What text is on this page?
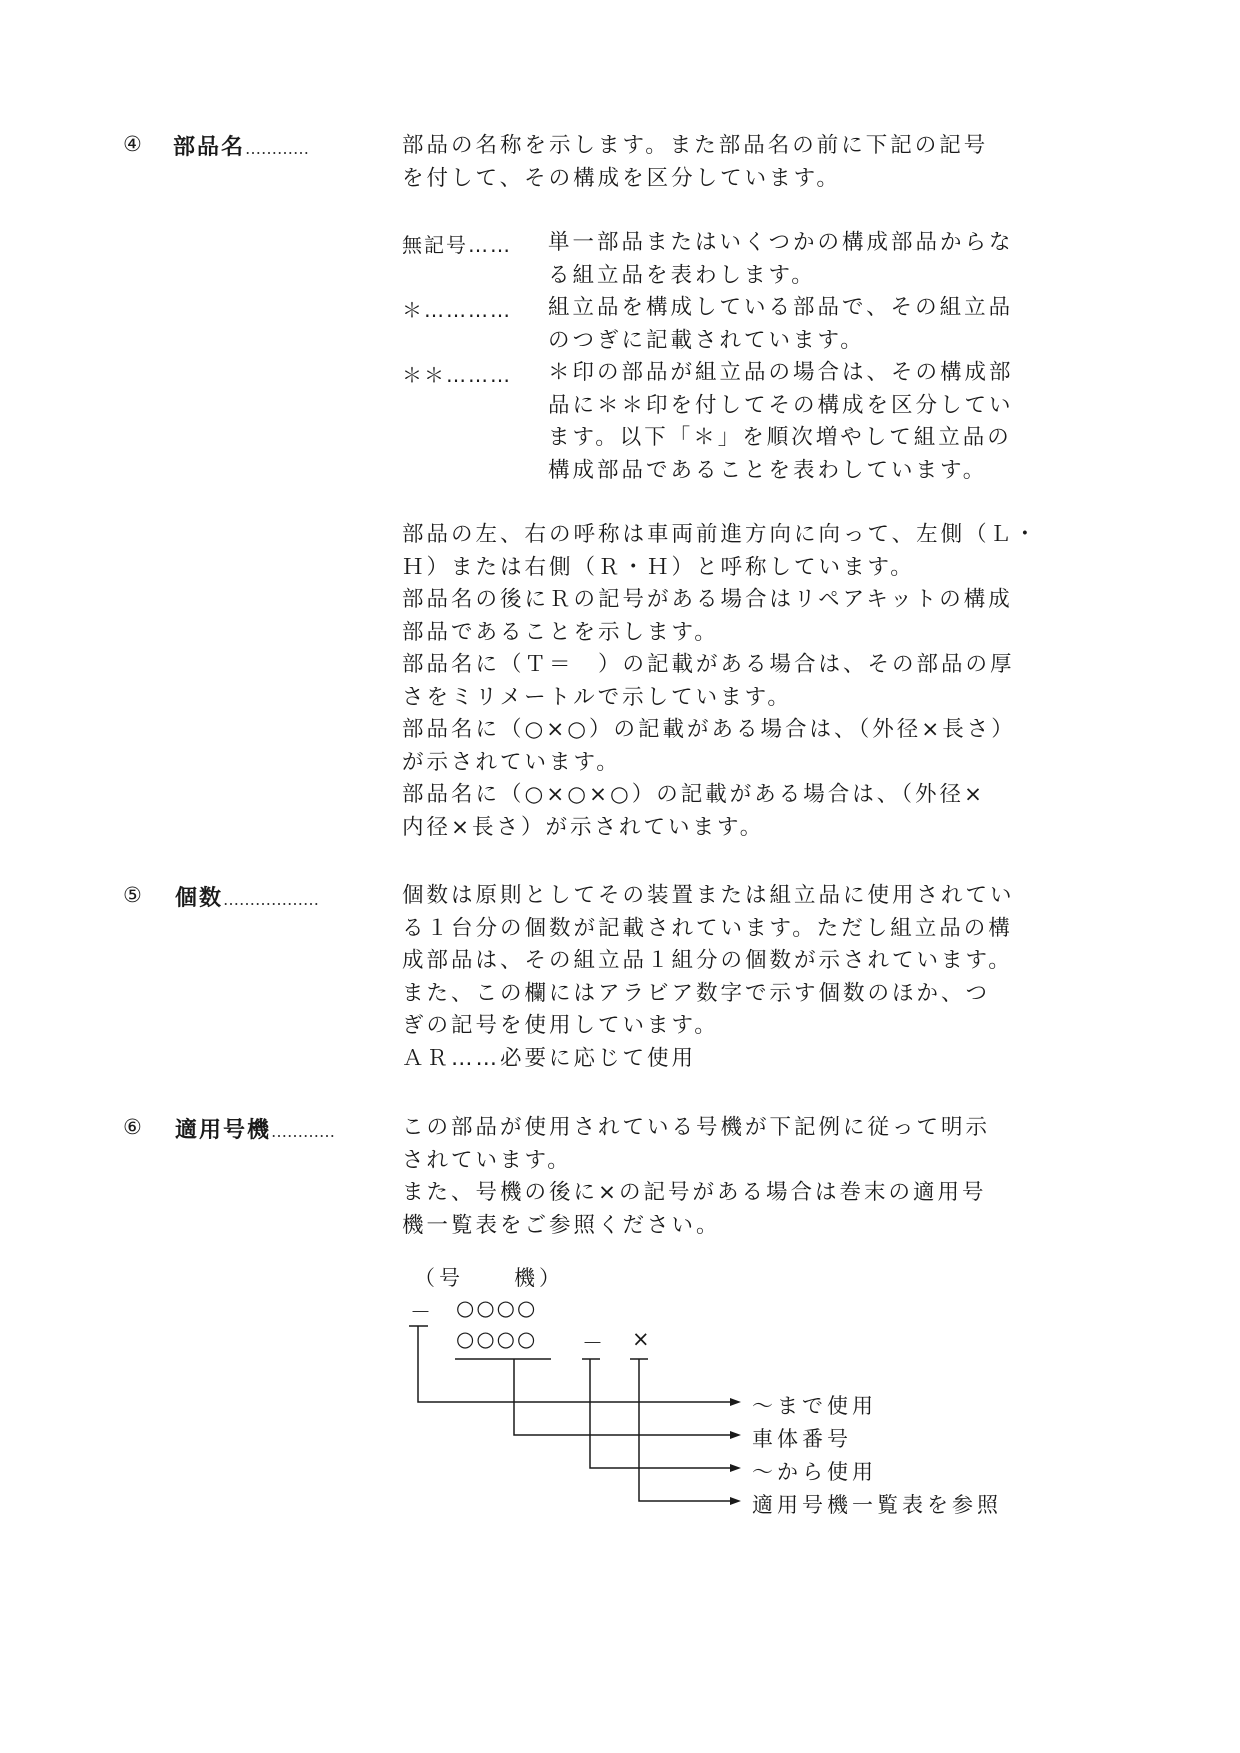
④ 部品名…………	部品の名称を示します。また部品名の前に下記の記号
を付して、その構成を区分しています。
無記号…… 単一部品またはいくつかの構成部品からな
る組立品を表わします。
＊………… 組立品を構成している部品で、その組立品
のつぎに記載されています。
＊＊……… ＊印の部品が組立品の場合は、その構成部
品に＊＊印を付してその構成を区分してい
ます。以下「＊」を順次増やして組立品の
構成部品であることを表わしています。
部品の左、右の呼称は車両前進方向に向って、左側（Ｌ・
Ｈ）または右側（Ｒ・Ｈ）と呼称しています。
部品名の後にＲの記号がある場合はリペアキットの構成
部品であることを示します。
部品名に（Ｔ＝　）の記載がある場合は、その部品の厚
さをミリメートルで示しています。
部品名に（○×○）の記載がある場合は、（外径×長さ）
が示されています。
部品名に（○×○×○）の記載がある場合は、（外径×
内径×長さ）が示されています。
⑤ 個数………………	個数は原則としてその装置または組立品に使用されてい
る１台分の個数が記載されています。ただし組立品の構
成部品は、その組立品１組分の個数が示されています。
また、この欄にはアラビア数字で示す個数のほか、つ
ぎの記号を使用しています。
ＡＲ……必要に応じて使用
⑥ 適用号機…………	この部品が使用されている号機が下記例に従って明示
されています。
また、号機の後に×の記号がある場合は巻末の適用号
機一覧表をご参照ください。
（号　　機）
－ ○○○○
○○○○ － ×
～まで使用
車体番号
～から使用
適用号機一覧表を参照
